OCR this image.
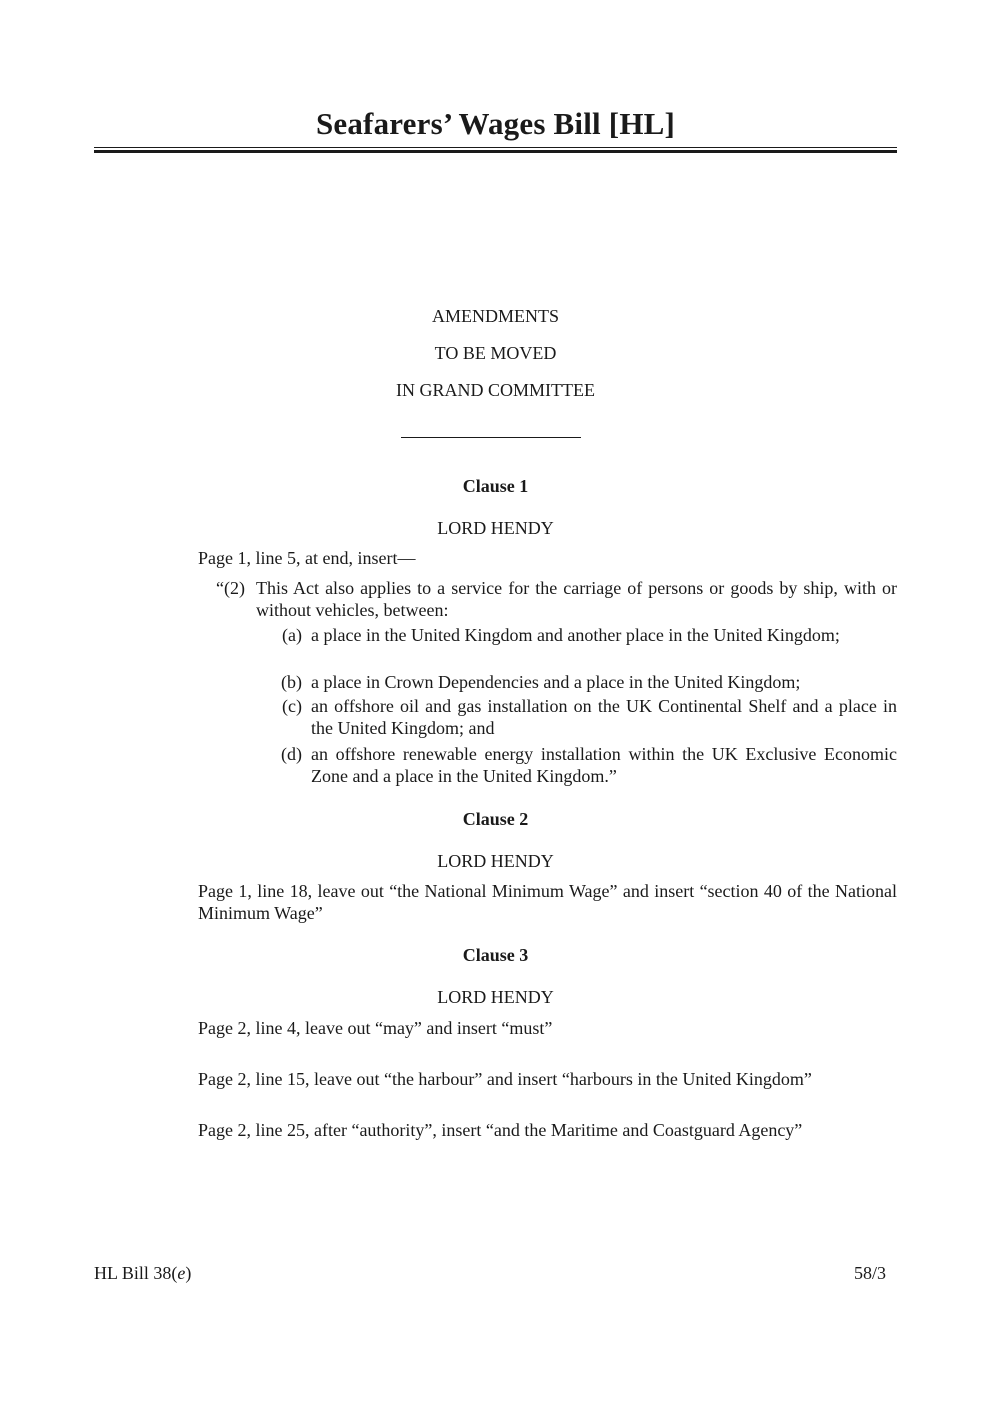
Seafarers’ Wages Bill [HL]
AMENDMENTS
TO BE MOVED
IN GRAND COMMITTEE
Clause 1
LORD HENDY
Page 1, line 5, at end, insert—
“(2) This Act also applies to a service for the carriage of persons or goods by ship, with or without vehicles, between:
(a) a place in the United Kingdom and another place in the United Kingdom;
(b) a place in Crown Dependencies and a place in the United Kingdom;
(c) an offshore oil and gas installation on the UK Continental Shelf and a place in the United Kingdom; and
(d) an offshore renewable energy installation within the UK Exclusive Economic Zone and a place in the United Kingdom.”
Clause 2
LORD HENDY
Page 1, line 18, leave out “the National Minimum Wage” and insert “section 40 of the National Minimum Wage”
Clause 3
LORD HENDY
Page 2, line 4, leave out “may” and insert “must”
Page 2, line 15, leave out “the harbour” and insert “harbours in the United Kingdom”
Page 2, line 25, after “authority”, insert “and the Maritime and Coastguard Agency”
HL Bill 38(e)	58/3
